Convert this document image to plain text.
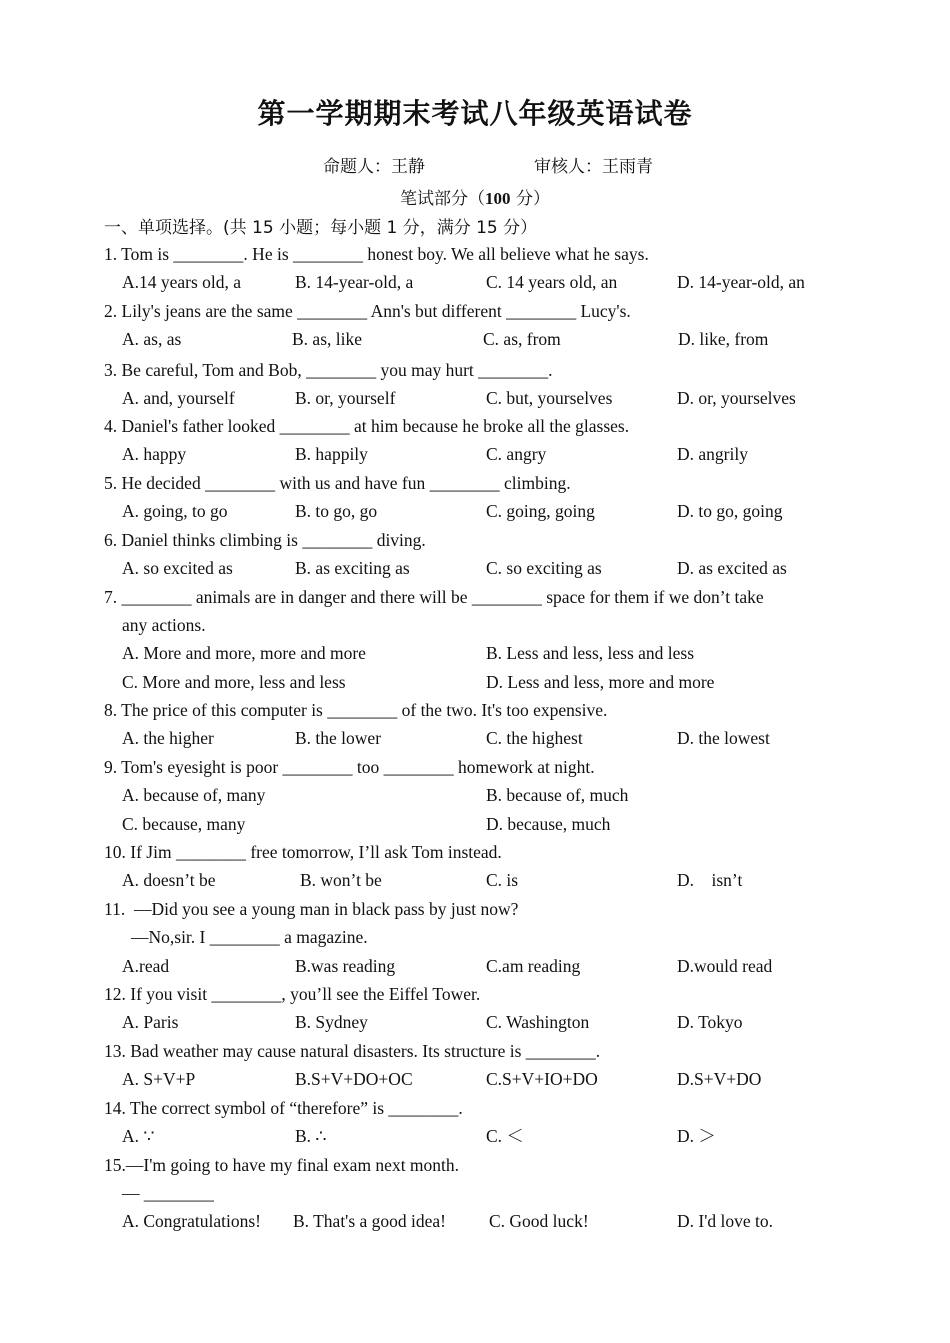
第一学期期末考试八年级英语试卷
命题人：王静	审核人：王雨青
笔试部分（100 分）
一、单项选择。(共 15 小题；每小题 1 分，满分 15 分）
1. Tom is ________. He is ________ honest boy. We all believe what he says.
A.14 years old, a	B. 14-year-old, a	C. 14 years old, an	D. 14-year-old, an
2. Lily's jeans are the same ________ Ann's but different ________ Lucy's.
A. as, as	B. as, like	C. as, from	D. like, from
3. Be careful, Tom and Bob, ________ you may hurt ________.
A. and, yourself	B. or, yourself	C. but, yourselves	D. or, yourselves
4. Daniel's father looked ________ at him because he broke all the glasses.
A. happy	B. happily	C. angry	D. angrily
5. He decided ________ with us and have fun ________ climbing.
A. going, to go	B. to go, go	C. going, going	D. to go, going
6. Daniel thinks climbing is ________ diving.
A. so excited as	B. as exciting as	C. so exciting as	D. as excited as
7. ________ animals are in danger and there will be ________ space for them if we don’t take
any actions.
A. More and more, more and more	B. Less and less, less and less
C. More and more, less and less	D. Less and less, more and more
8. The price of this computer is ________ of the two. It's too expensive.
A. the higher	B. the lower	C. the highest	D. the lowest
9. Tom's eyesight is poor ________ too ________ homework at night.
A. because of, many	B. because of, much
C. because, many	D. because, much
10. If Jim ________ free tomorrow, I’ll ask Tom instead.
A. doesn’t be	B. won’t be	C. is	D.    isn’t
11.  —Did you see a young man in black pass by just now?
—No,sir. I ________ a magazine.
A.read	B.was reading	C.am reading	D.would read
12. If you visit ________, you’ll see the Eiffel Tower.
A. Paris	B. Sydney	C. Washington	D. Tokyo
13. Bad weather may cause natural disasters. Its structure is ________.
A. S+V+P	B.S+V+DO+OC	C.S+V+IO+DO	D.S+V+DO
14. The correct symbol of “therefore” is ________.
A. ∵	B. ∴	C. ＜	D. ＞
15.—I'm going to have my final exam next month.
— ________
A. Congratulations! B. That's a good idea! C. Good luck!	D. I'd love to.
